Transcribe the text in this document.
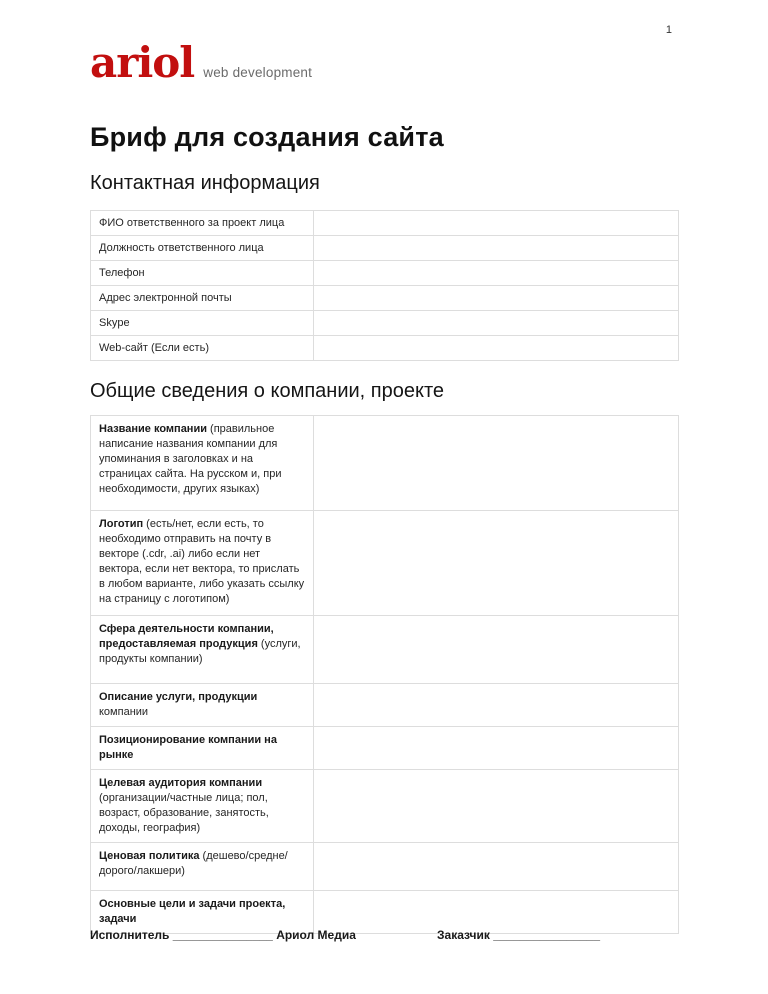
ariol web development
1
Бриф для создания сайта
Контактная информация
ФИО ответственного за проект лица	
Должность ответственного лица	
Телефон	
Адрес электронной почты	
Skype	
Web-сайт (Если есть)	
Общие сведения о компании, проекте
Название компании (правильное написание названия компании для упоминания в заголовках и на страницах сайта. На русском и, при необходимости, других языках)	
Логотип (есть/нет, если есть, то необходимо отправить на почту в векторе (.cdr, .ai) либо если нет вектора, если нет вектора, то прислать в любом варианте, либо указать ссылку на страницу с логотипом)	
Сфера деятельности компании, предоставляемая продукция (услуги, продукты компании)	
Описание услуги, продукции компании	
Позиционирование компании на рынке	
Целевая аудитория компании (организации/частные лица; пол, возраст, образование, занятость, доходы, география)	
Ценовая политика (дешево/средне/дорого/лакшери)	
Основные цели и задачи проекта, задачи	
Исполнитель _______________ Ариол Медиа	Заказчик ________________
